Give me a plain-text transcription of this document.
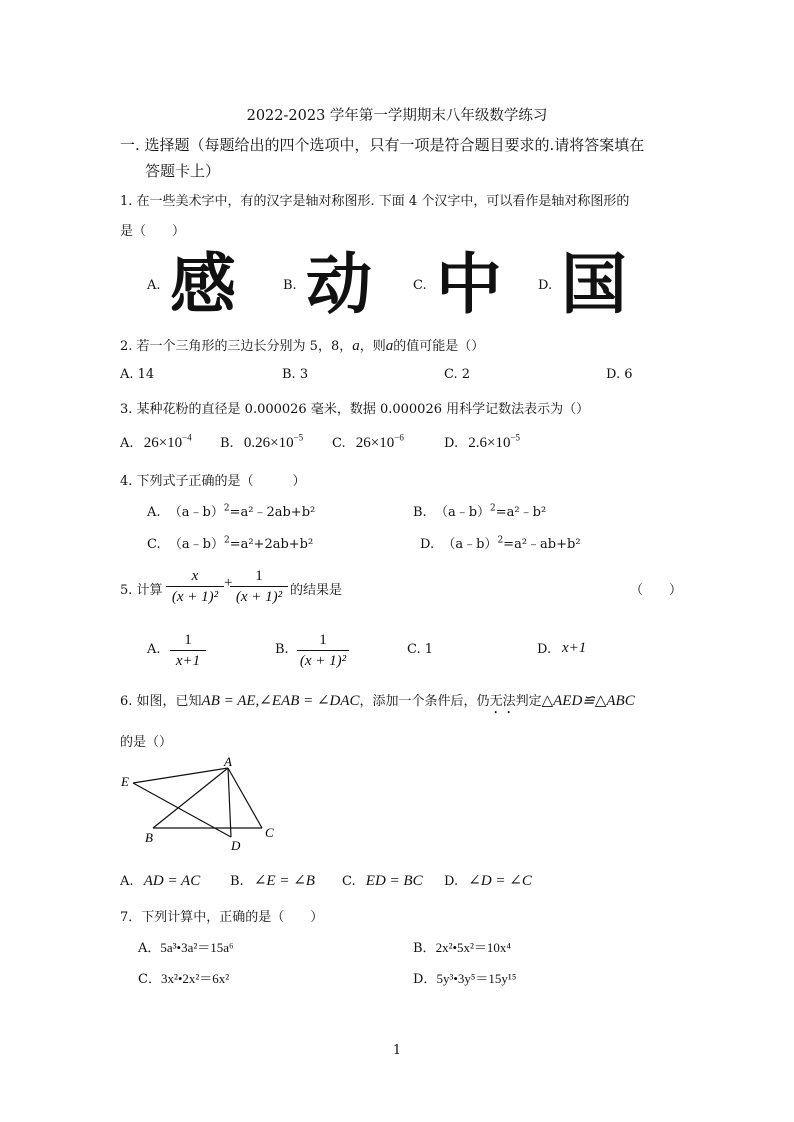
2022-2023 学年第一学期期末八年级数学练习
一. 选择题（每题给出的四个选项中，只有一项是符合题目要求的.请将答案填在
答题卡上）
1. 在一些美术字中，有的汉字是轴对称图形. 下面 4 个汉字中，可以看作是轴对称图形的
是（　　）
A. 感	B. 动	C. 中	D. 国
2. 若一个三角形的三边长分别为 5，8，a，则a的值可能是（）
A. 14	B. 3	C. 2	D. 6
3. 某种花粉的直径是 0.000026 毫米，数据 0.000026 用科学记数法表示为（）
A. $26\times 10^{-4}$ B. $0.26\times 10^{-5}$ C. $26\times 10^{-6}$	D. $2.6\times 10^{-5}$
4. 下列式子正确的是（　　　）
A. （a﹣b）$^2$=a²﹣2ab+b²	B. （a﹣b）$^2$=a²﹣b²
C. （a﹣b）$^2$=a²+2ab+b²	D. （a﹣b）$^2$=a²﹣ab+b²
5. 计算 $\frac{x}{\text{(x + 1)²}}$ +
$\frac{1}{\text{(x + 1)²}}$ 的结果是	（　　）
A. $\frac{1}{x+1}$	B. $\frac{1}{\text{(x + 1)²}}$	C. 1	D. x+1
6. 如图，已知AB = AE,∠EAB = ∠DAC，添加一个条件后，仍无法判定△AED≌△ABC
的是（）
A
E
B	C
D
A. AD = AC B. ∠E = ∠B C. ED = BC D. ∠D = ∠C
7．下列计算中，正确的是（　　）
A．5a³•3a²＝15a⁶	B．2x²•5x²＝10x⁴
C．3x²•2x²＝6x²	D．5y³•3y⁵＝15y¹⁵
1
